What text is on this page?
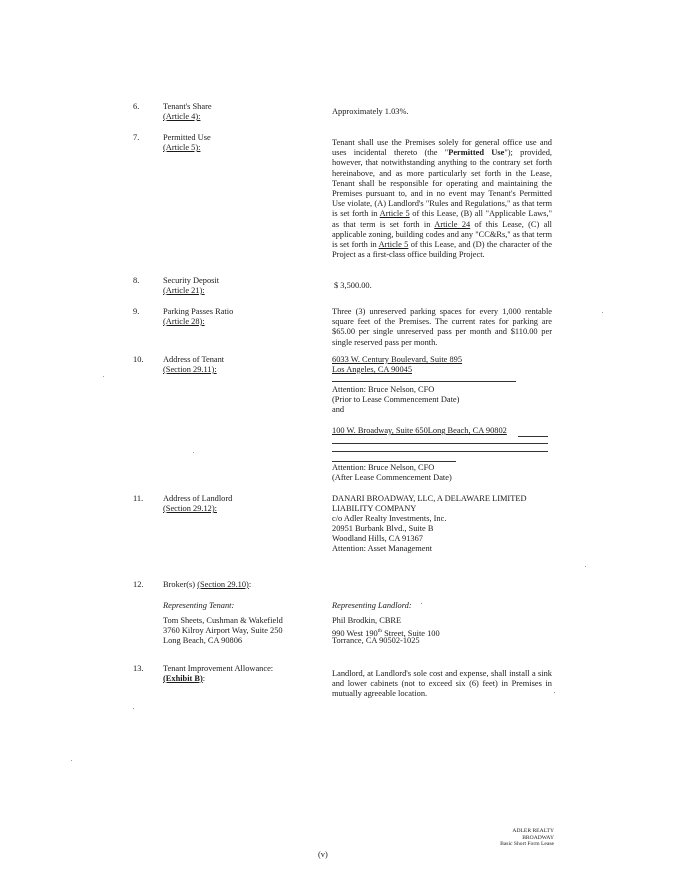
6.	Tenant's Share
(Article 4):
Approximately 1.03%.
7.	Permitted Use
(Article 5):
Tenant shall use the Premises solely for general office use and uses incidental thereto (the "Permitted Use"); provided, however, that notwithstanding anything to the contrary set forth hereinabove, and as more particularly set forth in the Lease, Tenant shall be responsible for operating and maintaining the Premises pursuant to, and in no event may Tenant's Permitted Use violate, (A) Landlord's "Rules and Regulations," as that term is set forth in Article 5 of this Lease, (B) all "Applicable Laws," as that term is set forth in Article 24 of this Lease, (C) all applicable zoning, building codes and any "CC&Rs," as that term is set forth in Article 5 of this Lease, and (D) the character of the Project as a first-class office building Project.
8.	Security Deposit
(Article 21):
$ 3,500.00.
9.	Parking Passes Ratio
(Article 28):
Three (3) unreserved parking spaces for every 1,000 rentable square feet of the Premises. The current rates for parking are $65.00 per single unreserved pass per month and $110.00 per single reserved pass per month.
10. Address of Tenant
(Section 29.11):
6033 W. Century Boulevard, Suite 895
Los Angeles, CA 90045
Attention: Bruce Nelson, CFO
(Prior to Lease Commencement Date)
and
100 W. Broadway, Suite 650Long Beach, CA 90802
Attention: Bruce Nelson, CFO
(After Lease Commencement Date)
11. Address of Landlord
(Section 29.12):
DANARI BROADWAY, LLC, A DELAWARE LIMITED
LIABILITY COMPANY
c/o Adler Realty Investments, Inc.
20951 Burbank Blvd., Suite B
Woodland Hills, CA 91367
Attention: Asset Management
12. Broker(s) (Section 29.10):
Representing Tenant:
Tom Sheets, Cushman & Wakefield
3760 Kilroy Airport Way, Suite 250
Long Beach, CA 90806
Representing Landlord:
Phil Brodkin, CBRE
990 West 190th Street, Suite 100
Torrance, CA 90502-1025
13. Tenant Improvement Allowance:
(Exhibit B):
Landlord, at Landlord's sole cost and expense, shall install a sink and lower cabinets (not to exceed six (6) feet) in Premises in mutually agreeable location.
ADLER REALTY
BROADWAY
Basic Short Form Lease
(v)
